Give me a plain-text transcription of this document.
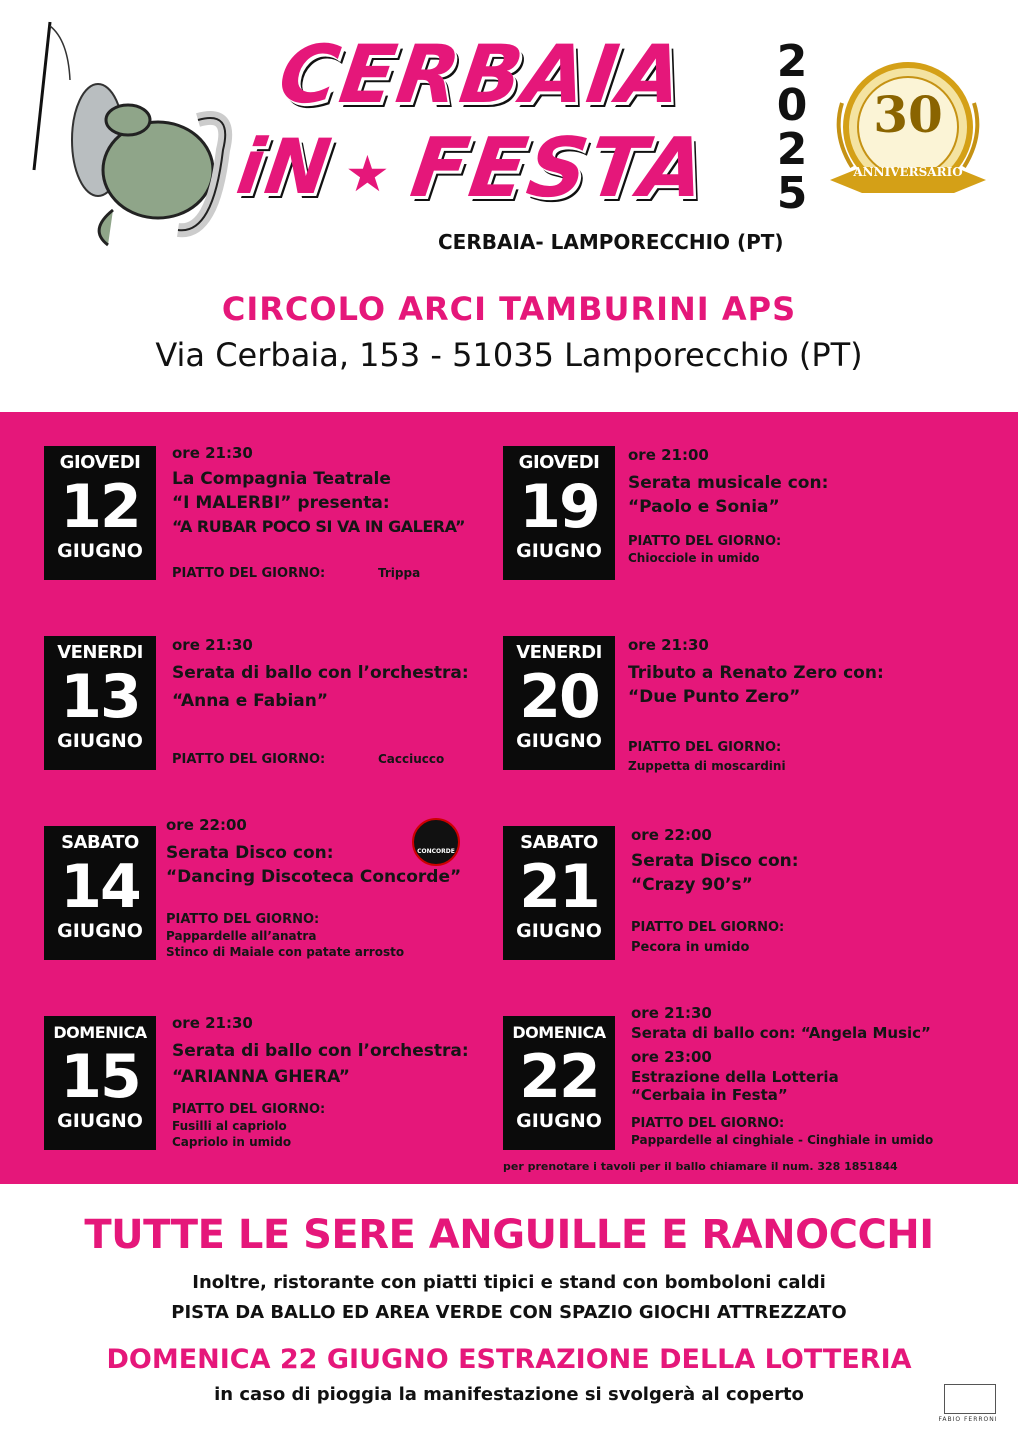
CERBAIA
iN ★ FESTA
2
0
2
5
CERBAIA- LAMPORECCHIO (PT)
30
ANNIVERSARIO
CIRCOLO ARCI TAMBURINI APS
Via Cerbaia, 153 - 51035 Lamporecchio (PT)
GIOVEDI
12
GIUGNO
ore 21:30
La Compagnia Teatrale
“I MALERBI” presenta:
“A RUBAR POCO SI VA IN GALERA”
PIATTO DEL GIORNO:	Trippa
GIOVEDI
19
GIUGNO
ore 21:00
Serata musicale con:
“Paolo e Sonia”
PIATTO DEL GIORNO:
Chiocciole in umido
VENERDI
13
GIUGNO
ore 21:30
Serata di ballo con l’orchestra:
“Anna e Fabian”
PIATTO DEL GIORNO:	Cacciucco
VENERDI
20
GIUGNO
ore 21:30
Tributo a Renato Zero con:
“Due Punto Zero”
PIATTO DEL GIORNO:
Zuppetta di moscardini
SABATO
14
GIUGNO
ore 22:00
Serata Disco con:
“Dancing Discoteca Concorde”
CONCORDE
PIATTO DEL GIORNO:
Pappardelle all’anatra
Stinco di Maiale con patate arrosto
SABATO
21
GIUGNO
ore 22:00
Serata Disco con:
“Crazy 90’s”
PIATTO DEL GIORNO:
Pecora in umido
DOMENICA
15
GIUGNO
ore 21:30
Serata di ballo con l’orchestra:
“ARIANNA GHERA”
PIATTO DEL GIORNO:
Fusilli al capriolo
Capriolo in umido
DOMENICA
22
GIUGNO
ore 21:30
Serata di ballo con: “Angela Music”
ore 23:00
Estrazione della Lotteria
“Cerbaia in Festa”
PIATTO DEL GIORNO:
Pappardelle al cinghiale - Cinghiale in umido
per prenotare i tavoli per il ballo chiamare il num. 328 1851844
TUTTE LE SERE ANGUILLE E RANOCCHI
Inoltre, ristorante con piatti tipici e stand con bomboloni caldi
PISTA DA BALLO ED AREA VERDE CON SPAZIO GIOCHI ATTREZZATO
DOMENICA 22 GIUGNO ESTRAZIONE DELLA LOTTERIA
in caso di pioggia la manifestazione si svolgerà al coperto
FABIO FERRONI
